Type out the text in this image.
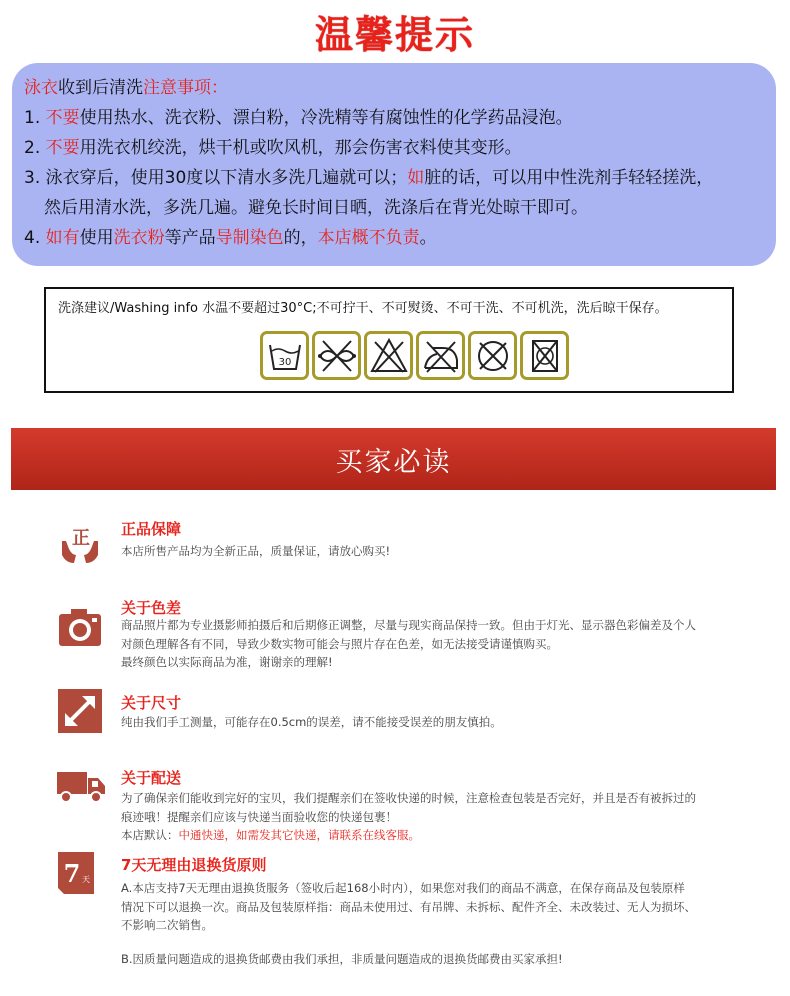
温馨提示
泳衣收到后清洗注意事项：
1. 不要使用热水、洗衣粉、漂白粉，冷洗精等有腐蚀性的化学药品浸泡。
2. 不要用洗衣机绞洗，烘干机或吹风机，那会伤害衣料使其变形。
3. 泳衣穿后，使用30度以下清水多洗几遍就可以；如脏的话，可以用中性洗剂手轻轻搓洗，
然后用清水洗，多洗几遍。避免长时间日晒，洗涤后在背光处晾干即可。
4. 如有使用洗衣粉等产品导制染色的，本店概不负责。
洗涤建议/Washing info 水温不要超过30°C;不可拧干、不可熨烫、不可干洗、不可机洗，洗后晾干保存。
30
买家必读
正 正品保障
本店所售产品均为全新正品，质量保证，请放心购买!
关于色差
商品照片都为专业摄影师拍摄后和后期修正调整，尽量与现实商品保持一致。但由于灯光、显示器色彩偏差及个人
对颜色理解各有不同，导致少数实物可能会与照片存在色差，如无法接受请谨慎购买。
最终颜色以实际商品为准，谢谢亲的理解!
关于尺寸
纯由我们手工测量，可能存在0.5cm的误差，请不能接受误差的朋友慎拍。
关于配送
为了确保亲们能收到完好的宝贝，我们提醒亲们在签收快递的时候，注意检查包装是否完好，并且是否有被拆过的
痕迹哦！提醒亲们应该与快递当面验收您的快递包裹！
本店默认：中通快递，如需发其它快递，请联系在线客服。
7 天
7天无理由退换货原则
A.本店支持7天无理由退换货服务（签收后起168小时内），如果您对我们的商品不满意，在保存商品及包装原样
情况下可以退换一次。商品及包装原样指：商品未使用过、有吊牌、未拆标、配件齐全、未改装过、无人为损坏、
不影响二次销售。
B.因质量问题造成的退换货邮费由我们承担，非质量问题造成的退换货邮费由买家承担!
